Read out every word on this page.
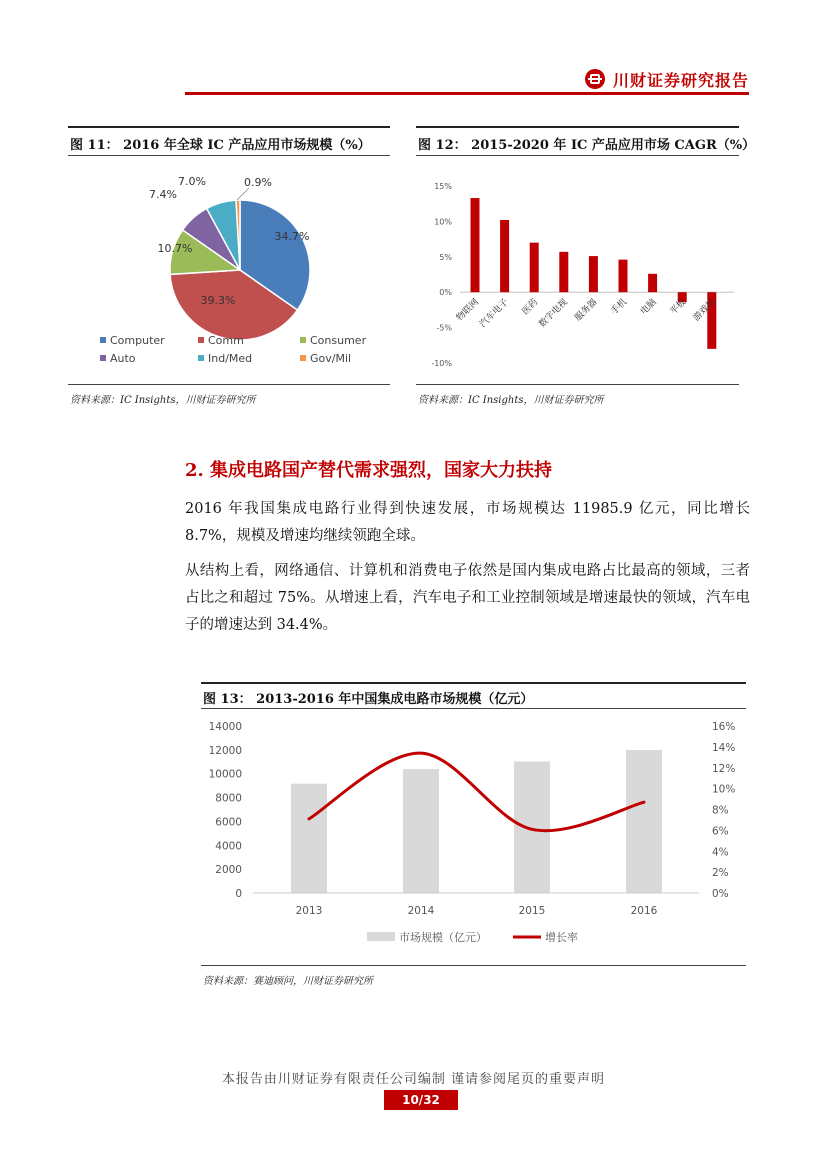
川财证券研究报告
图 11： 2016 年全球 IC 产品应用市场规模（%）
34.7%
39.3%
10.7%
7.4%
7.0%	0.9%
Computer	Comm	Consumer
Auto	Ind/Med	Gov/Mil
资料来源：IC Insights，川财证券研究所
图 12： 2015-2020 年 IC 产品应用市场 CAGR（%）
-10%
-5%
0%
5%
10%
15%
物联网
汽车电子 医药
数字电视 服务器 手机 电脑 平板 游戏机
资料来源：IC Insights，川财证券研究所
2. 集成电路国产替代需求强烈，国家大力扶持
2016 年我国集成电路行业得到快速发展，市场规模达 11985.9 亿元，同比增长 8.7%，规模及增速均继续领跑全球。
从结构上看，网络通信、计算机和消费电子依然是国内集成电路占比最高的领域，三者占比之和超过 75%。从增速上看，汽车电子和工业控制领域是增速最快的领域，汽车电子的增速达到 34.4%。
图 13： 2013-2016 年中国集成电路市场规模（亿元）
0
2000
4000
6000
8000
10000
12000
14000
0%
2%
4%
6%
8%
10%
12%
14%
16%
2013	2014	2015	2016
市场规模（亿元）	增长率
资料来源：赛迪顾问，川财证券研究所
本报告由川财证券有限责任公司编制 谨请参阅尾页的重要声明
10/32
